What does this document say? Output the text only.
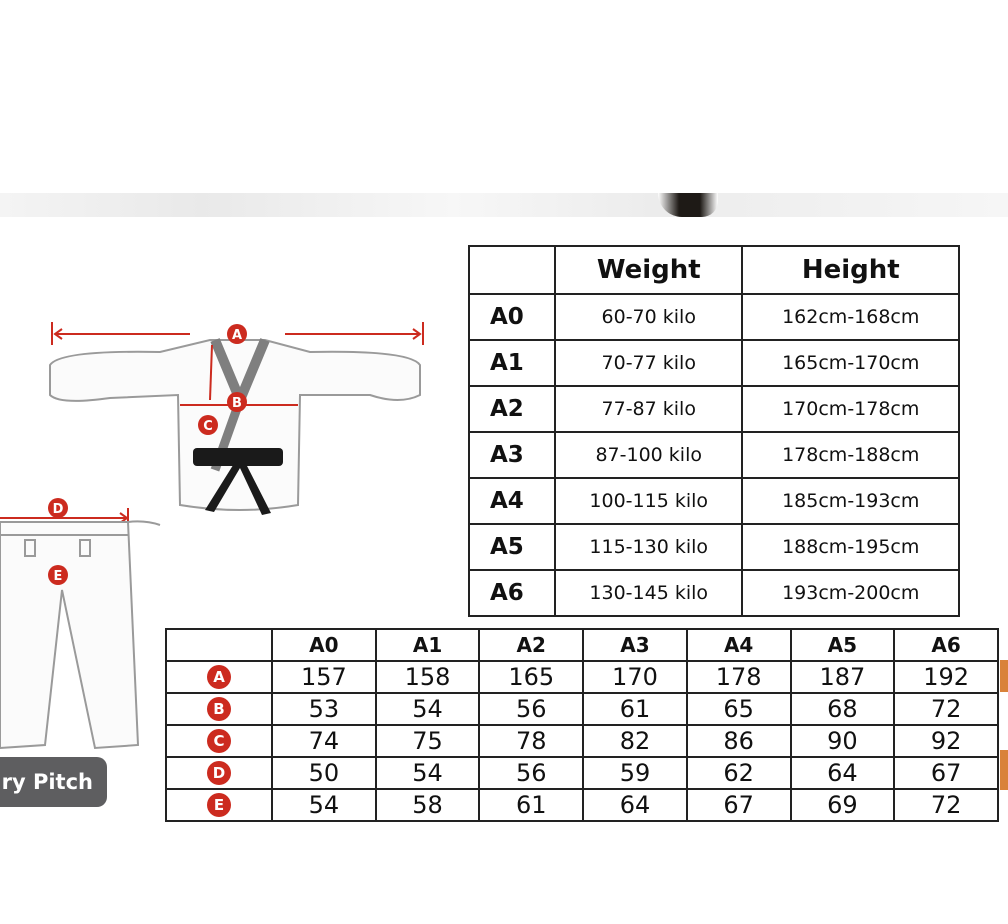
A
B
C
D
E
ry Pitch
	Weight	Height
A0	60-70 kilo	162cm-168cm
A1	70-77 kilo	165cm-170cm
A2	77-87 kilo	170cm-178cm
A3	87-100 kilo	178cm-188cm
A4	100-115 kilo	185cm-193cm
A5	115-130 kilo	188cm-195cm
A6	130-145 kilo	193cm-200cm
	A0	A1	A2	A3	A4	A5	A6
A	157	158	165	170	178	187	192
B	53	54	56	61	65	68	72
C	74	75	78	82	86	90	92
D	50	54	56	59	62	64	67
E	54	58	61	64	67	69	72
